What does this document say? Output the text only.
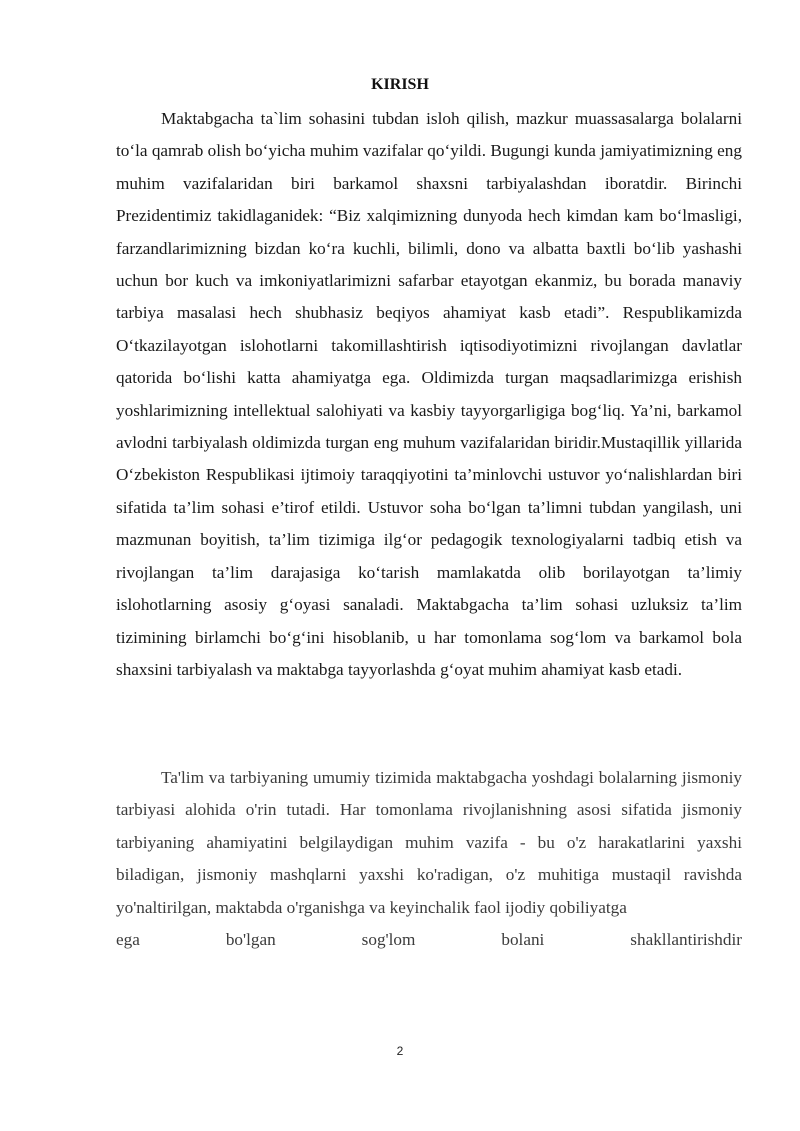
KIRISH
Maktabgacha ta`lim sohasini tubdan isloh qilish, mazkur muassasalarga bolalarni to‘la qamrab olish bo‘yicha muhim vazifalar qo‘yildi. Bugungi kunda jamiyatimizning eng muhim vazifalaridan biri barkamol shaxsni tarbiyalashdan iboratdir. Birinchi Prezidentimiz takidlaganidek: “Biz xalqimizning dunyoda hech kimdan kam bo‘lmasligi, farzandlarimizning bizdan ko‘ra kuchli, bilimli, dono va albatta baxtli bo‘lib yashashi uchun bor kuch va imkoniyatlarimizni safarbar etayotgan ekanmiz, bu borada manaviy tarbiya masalasi hech shubhasiz beqiyos ahamiyat kasb etadi”. Respublikamizda O‘tkazilayotgan islohotlarni takomillashtirish iqtisodiyotimizni rivojlangan davlatlar qatorida bo‘lishi katta ahamiyatga ega. Oldimizda turgan maqsadlarimizga erishish yoshlarimizning intellektual salohiyati va kasbiy tayyorgarligiga bog‘liq. Ya’ni, barkamol avlodni tarbiyalash oldimizda turgan eng muhum vazifalaridan biridir.Mustaqillik yillarida O‘zbekiston Respublikasi ijtimoiy taraqqiyotini ta’minlovchi ustuvor yo‘nalishlardan biri sifatida ta’lim sohasi e’tirof etildi. Ustuvor soha bo‘lgan ta’limni tubdan yangilash, uni mazmunan boyitish, ta’lim tizimiga ilg‘or pedagogik texnologiyalarni tadbiq etish va rivojlangan ta’lim darajasiga ko‘tarish mamlakatda olib borilayotgan ta’limiy islohotlarning asosiy g‘oyasi sanaladi. Maktabgacha ta’lim sohasi uzluksiz ta’lim tizimining birlamchi bo‘g‘ini hisoblanib, u har tomonlama sog‘lom va barkamol bola shaxsini tarbiyalash va maktabga tayyorlashda g‘oyat muhim ahamiyat kasb etadi.
Ta'lim va tarbiyaning umumiy tizimida maktabgacha yoshdagi bolalarning jismoniy tarbiyasi alohida o'rin tutadi. Har tomonlama rivojlanishning asosi sifatida jismoniy tarbiyaning ahamiyatini belgilaydigan muhim vazifa - bu o'z harakatlarini yaxshi biladigan, jismoniy mashqlarni yaxshi ko'radigan, o'z muhitiga mustaqil ravishda yo'naltirilgan, maktabda o'rganishga va keyinchalik faol ijodiy qobiliyatga
ega bo'lgan sog'lom bolani shakllantirishdir
2
